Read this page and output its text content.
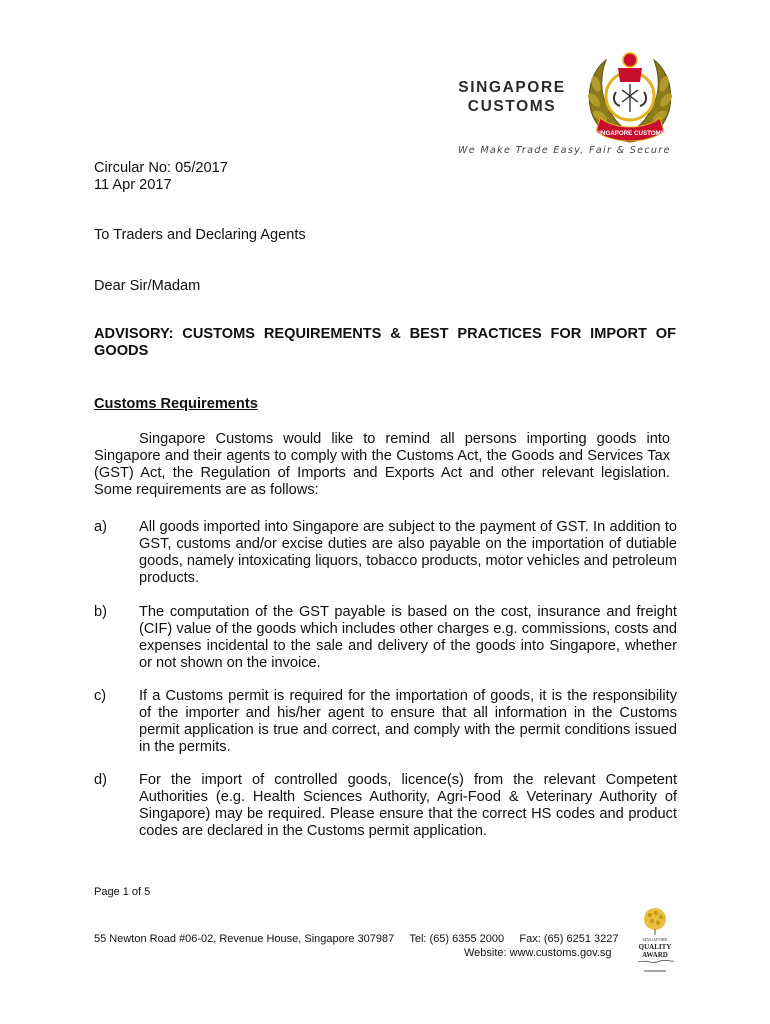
SINGAPORE
CUSTOMS
SINGAPORE CUSTOMS
We Make Trade Easy, Fair & Secure
Circular No: 05/2017
11 Apr 2017
To Traders and Declaring Agents
Dear Sir/Madam
ADVISORY: CUSTOMS REQUIREMENTS & BEST PRACTICES FOR IMPORT OF GOODS
Customs Requirements
Singapore Customs would like to remind all persons importing goods into Singapore and their agents to comply with the Customs Act, the Goods and Services Tax (GST) Act, the Regulation of Imports and Exports Act and other relevant legislation. Some requirements are as follows:
a)	All goods imported into Singapore are subject to the payment of GST. In addition to GST, customs and/or excise duties are also payable on the importation of dutiable goods, namely intoxicating liquors, tobacco products, motor vehicles and petroleum products.
b)	The computation of the GST payable is based on the cost, insurance and freight (CIF) value of the goods which includes other charges e.g. commissions, costs and expenses incidental to the sale and delivery of the goods into Singapore, whether or not shown on the invoice.
c)	If a Customs permit is required for the importation of goods, it is the responsibility of the importer and his/her agent to ensure that all information in the Customs permit application is true and correct, and comply with the permit conditions issued in the permits.
d)	For the import of controlled goods, licence(s) from the relevant Competent Authorities (e.g. Health Sciences Authority, Agri-Food & Veterinary Authority of Singapore) may be required. Please ensure that the correct HS codes and product codes are declared in the Customs permit application.
Page 1 of 5
55 Newton Road #06-02, Revenue House, Singapore 307987     Tel: (65) 6355 2000     Fax: (65) 6251 3227
Website: www.customs.gov.sg
SINGAPORE
QUALITY
AWARD
